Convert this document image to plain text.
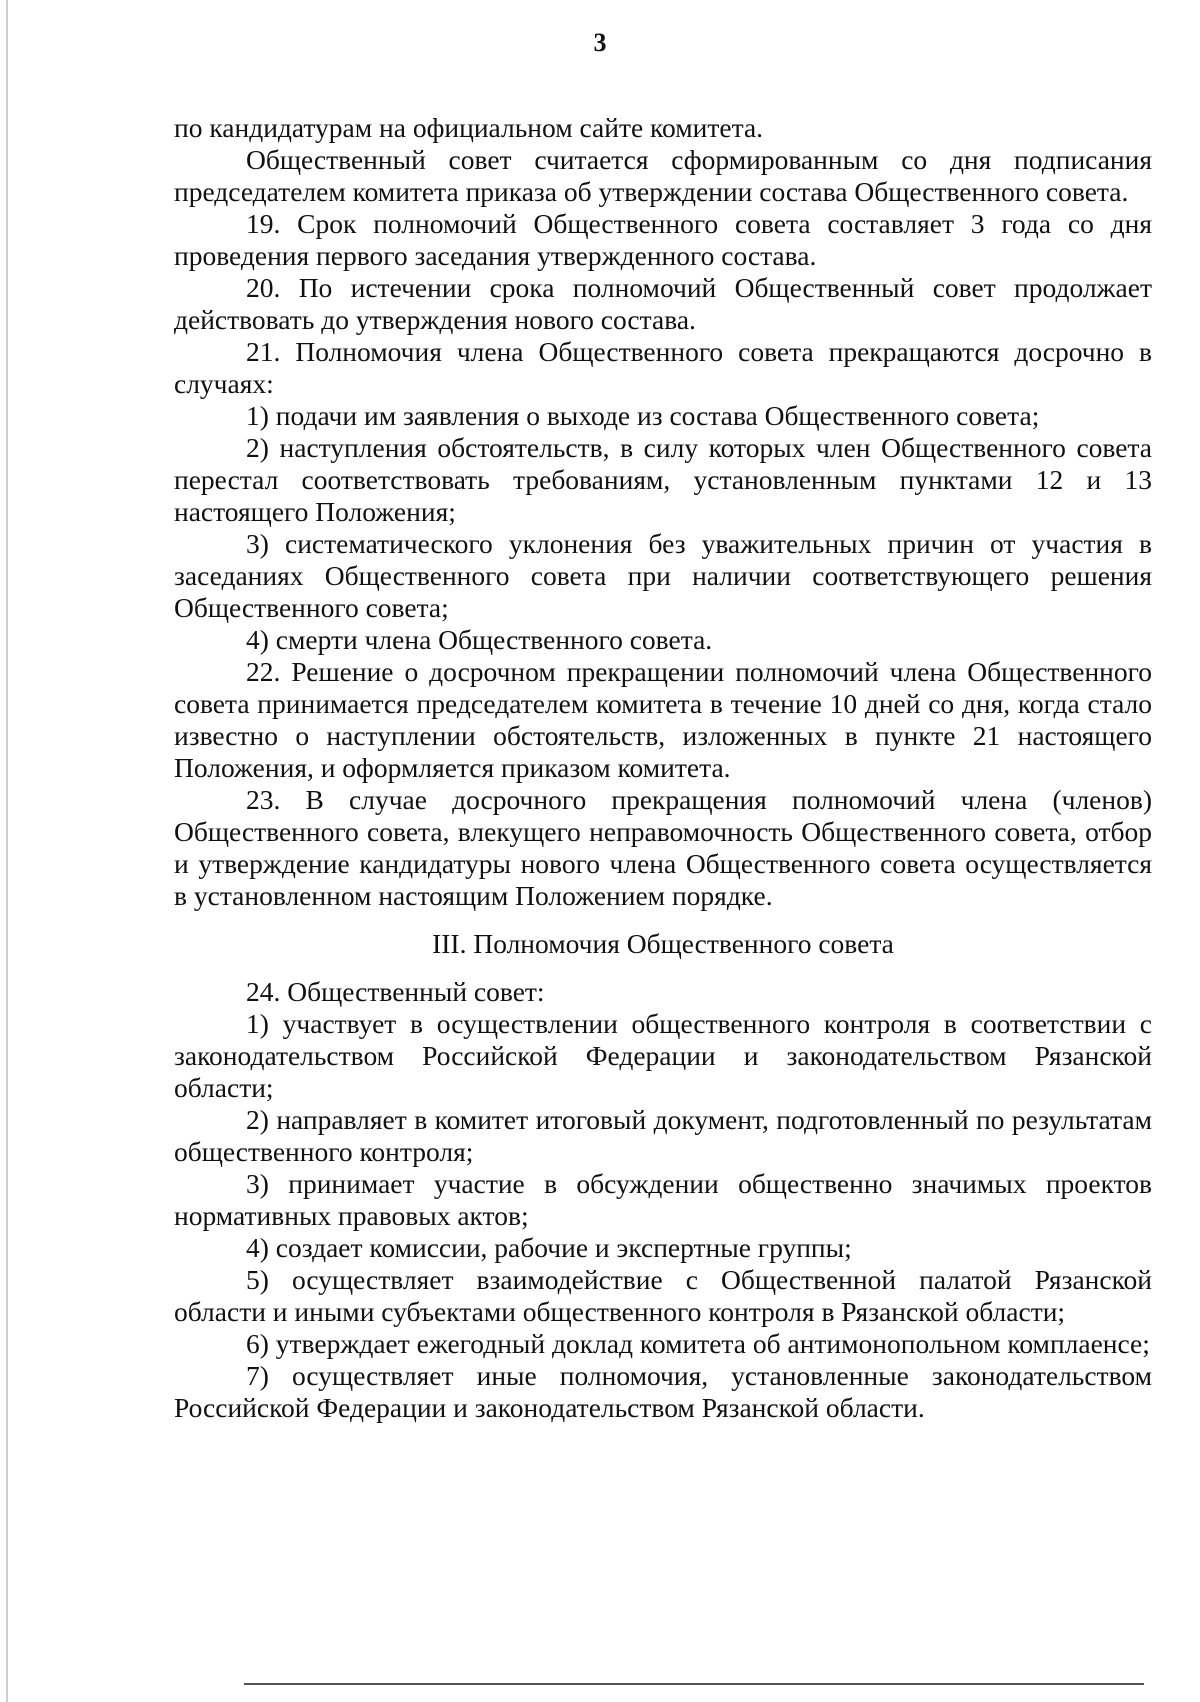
3

по кандидатурам на официальном сайте комитета.

Общественный совет считается сформированным со дня подписания председателем комитета приказа об утверждении состава Общественного совета.

19. Срок полномочий Общественного совета составляет 3 года со дня проведения первого заседания утвержденного состава.

20. По истечении срока полномочий Общественный совет продолжает действовать до утверждения нового состава.

21. Полномочия члена Общественного совета прекращаются досрочно в случаях:

1) подачи им заявления о выходе из состава Общественного совета;

2) наступления обстоятельств, в силу которых член Общественного совета перестал соответствовать требованиям, установленным пунктами 12 и 13 настоящего Положения;

3) систематического уклонения без уважительных причин от участия в заседаниях Общественного совета при наличии соответствующего решения Общественного совета;

4) смерти члена Общественного совета.

22. Решение о досрочном прекращении полномочий члена Общественного совета принимается председателем комитета в течение 10 дней со дня, когда стало известно о наступлении обстоятельств, изложенных в пункте 21 настоящего Положения, и оформляется приказом комитета.

23. В случае досрочного прекращения полномочий члена (членов) Общественного совета, влекущего неправомочность Общественного совета, отбор и утверждение кандидатуры нового члена Общественного совета осуществляется в установленном настоящим Положением порядке.

III. Полномочия Общественного совета

24. Общественный совет:

1) участвует в осуществлении общественного контроля в соответствии с законодательством Российской Федерации и законодательством Рязанской области;

2) направляет в комитет итоговый документ, подготовленный по результатам общественного контроля;

3) принимает участие в обсуждении общественно значимых проектов нормативных правовых актов;

4) создает комиссии, рабочие и экспертные группы;

5) осуществляет взаимодействие с Общественной палатой Рязанской области и иными субъектами общественного контроля в Рязанской области;

6) утверждает ежегодный доклад комитета об антимонопольном комплаенсе;

7) осуществляет иные полномочия, установленные законодательством Российской Федерации и законодательством Рязанской области.
